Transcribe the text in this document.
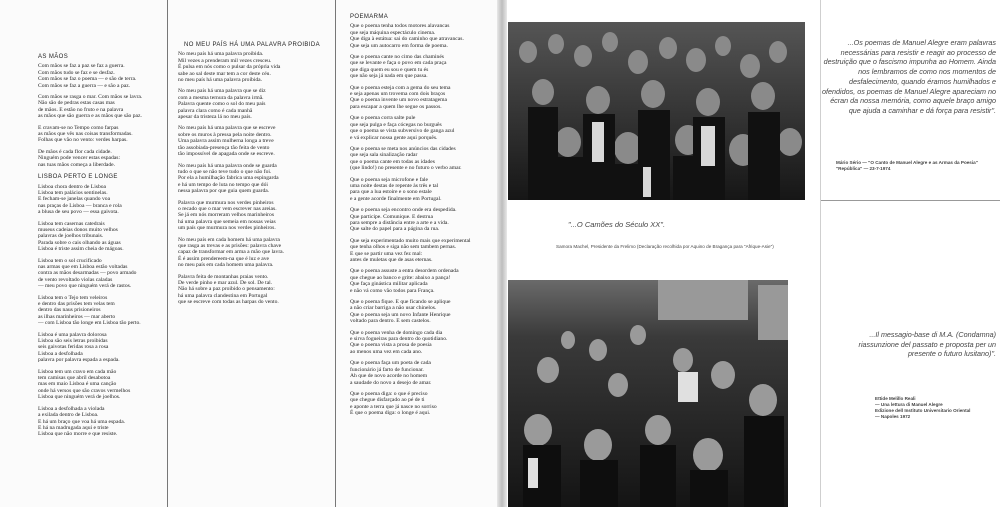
AS MÃOS
Com mãos se faz a paz se faz a guerra.
Com mãos tudo se faz e se desfaz.
Com mãos se faz o poema — e são de terra.
Com mãos se faz a guerra — e são a paz.
Com mãos se rasga o mar. Com mãos se lavra.
Não são de pedras estas casas mas
de mãos. E estão no fruto e na palavra
as mãos que são guerra e as mãos que são paz.
E cravam-se no Tempo como farpas
as mãos que vês nas coisas transformadas.
Folhas que vão no vento: verdes harpas.
De mãos é cada flor cada cidade.
Ninguém pode vencer estas espadas:
nas tuas mãos começa a liberdade.
LISBOA PERTO E LONGE
Lisboa chora dentro de Lisboa
Lisboa tem palácios sentinelas.
E fecham-se janelas quando voa
nas praças de Lisboa — branca e rola
a blusa de seu povo — essa gaivota.
Lisboa tem casernas catedrais
museus cadeias donos muito velhos
palavras de joelhos tribunais.
Parada sobre o cais olhando as águas
Lisboa é triste assim cheia de mágoas.
Lisboa tem o sol crucificado
nas armas que em Lisboa estão voltadas
contra as mãos desarmadas — povo armado
de vento revoltado violas caladas
— meu povo que ninguém verá de rastos.
Lisboa tem o Tejo tem veleiros
e dentro das prisões tem velas tem
dentro das naus prisioneiros
as ilhas marinheiros — mar aberto
— com Lisboa tão longe em Lisboa tão perto.
Lisboa é uma palavra dolorosa
Lisboa são seis letras proibidas
seis gaivotas feridas rosa a rosa
Lisboa a desfolhada
palavra por palavra espada a espada.
Lisboa tem um cravo em cada mão
tem camisas que abril desabotoa
mas em maio Lisboa é uma canção
onde há versos que são cravos vermelhos
Lisboa que ninguém verá de joelhos.
Lisboa a desfolhada a violada
a exilada dentro de Lisboa.
E há um braço que voa há uma espada.
E há na madrugada aqui e triste
Lisboa que não morre e que resiste.
NO MEU PAÍS HÁ UMA PALAVRA PROIBIDA
No meu país há uma palavra proibida.
Mil vezes a prenderam mil vezes cresceu.
É pulsa em nós como o pulsar da própria vida
sabe ao sal deste mar tem a cor deste céu.
no meu país há uma palavra proibida.
No meu país há uma palavra que se diz
com a mesma ternura da palavra irmã.
Palavra quente como o sol do meu país
palavra clara como é cada manhã
apesar da tristeza lá no meu país.
No meu país há uma palavra que se escreve
sobre os muros à pressa pela noite dentro.
Uma palavra assim mulherna longa a treve
tão assobiada-presença tão feita de vento
tão impossível de apagada onde se escreve.
No meu país há uma palavra onde se guarda
tudo o que se não teve tudo o que não foi.
Por ela a humilhação fabrica uma espingarda
e há um tempo de luta no tempo que dói
nessa palavra por que guia quem guarda.
Palavra que murmura nos verdes pinheiros
o recado que o mar vem escrever nas areias.
Se já em nós morreram velhos marinheiros
há uma palavra que semeia em nossas veias
um país que murmura nos verdes pinheiros.
No meu país em cada homem há uma palavra
que rasga as trevas e as prisões: palavra chave
capaz de transformar em arma a mão que lavra.
É é assim prendereem-na que é luz e ave
no meu país em cada homem uma palavra.
Palavra feita de montanhas praias vento.
De verde pinho e mar azul. De sol. De tal.
Não há sobre a paz proibido o pensamento:
há uma palavra clandestina em Portugal
que se escreve com todas as harpas do vento.
POEMARMA
Que o poema tenha todos motores alavancas
que seja máquina espectáculo cinema.
Que diga à estátua: sai do caminho que atravancas.
Que seja um autocarro em forma de poema.
Que o poema cante no cimo das chaminés
que se levante e faça o povo em cada praça
que diga quem eu sou e quem tu és
que não seja já nada em que passa.
Que o poema esteja com a gema do seu tema
e seja apenas um trovema com dois braços
Que o poema invente um novo estratagema
para escapar a quem lhe segue os passos.
Que o poema corra salte pule
que seja pulga e faça cócegas no burguês
que o poema se vista subversivo de ganga azul
e vá explicar nossa gente aqui porquês.
Que o poema se meta nos anúncios das cidades
que seja sala sinalização radar
que o poema cante em todas as idades
(que lindo!) no presente e no futuro o verbo amar.
Que o poema seja microfone e fale
uma noite destas de repente às três e tal
para que a lua estoire e o sono estale
e a gente acorde finalmente em Portugal.
Que o poema seja encontro onde era despedida.
Que participe. Comunique. E destrua
para sempre a distância entre a arte e a vida.
Que salte do papel para a página da rua.
Que seja experimentado muito mais que experimental
que tenha olhos e siga não sem tambem pernas.
E que se partir uma vez fez mal:
antes de muletas que de asas eternas.
Que o poema assuste a entra desordem ordenada
que chegue ao banco e grite: abaixo a pança!
Que faça ginástica militar aplicada
e não vá como vão todos para França.
Que o poema fique. E que ficando se aplique
a não criar barriga a não usar chinelos.
Que o poema seja um novo Infante Henrique
voltado para dentro. E sem castelos.
Que o poema venha de domingo cada dia
e sirva fogueiras para dentro do quotidiano.
Que o poema vista a prosa de poesia
ao menos uma vez em cada ano.
Que o poema faça um poeta de cada
funcionário já farto de funcionar.
Ah que de novo acorde no homem
a saudade do novo a desejo de amar.
Que o poema diga: o que é preciso
que chegue disfarçado ao pé de ti
e aponte a terra que já nasce no sorriso
É que o poema diga: o longe é aqui.
"...O Camões do Século XX".
Samora Machel, Presidente da Frelimo (Declaração recolhida por Aquino de Bragança para "Afrique-Asie")
...Os poemas de Manuel Alegre eram palavras necessárias para resistir e reagir ao processo de destruição que o fascismo impunha ao Homem. Ainda nos lembramos de como nos momentos de desfalecimento, quando éramos humilhados e ofendidos, os poemas de Manuel Alegre apareciam no écran da nossa memória, como aquele braço amigo que ajuda a caminhar e dá força para resistir".
Mário Sério — "O Canto de Manuel Alegre e as Armas da Poesia"
"República" — 23-7-1974
...Il messagio-base di M.A. (Condamna) riassunzione del passato e proposta per un presente o futuro lusitano)".
Ettide Melillo Reali
— Una lettura di Manuel Alegre
Edizione dell Instituto Universitario Oriental
— Napoles 1972
